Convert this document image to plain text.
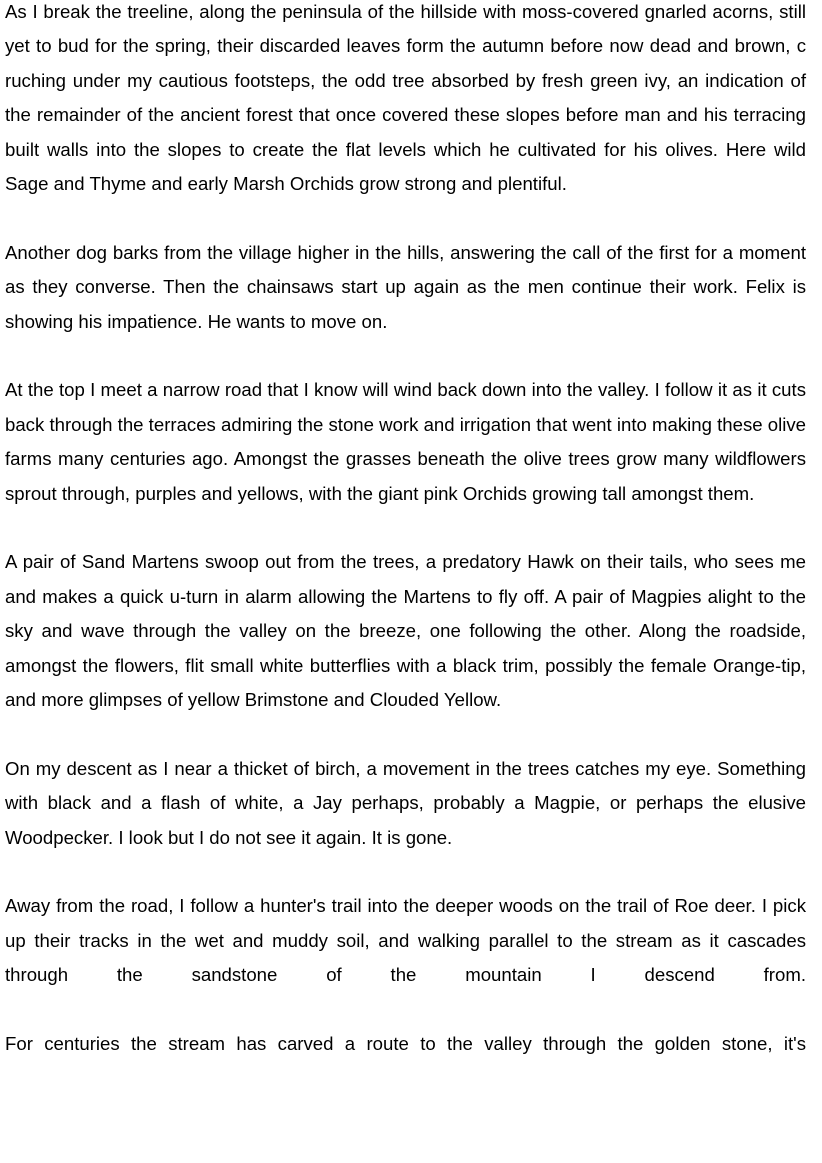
As I break the treeline, along the peninsula of the hillside with moss-covered gnarled acorns, still yet to bud for the spring, their discarded leaves form the autumn before now dead and brown, c ruching under my cautious footsteps, the odd tree absorbed by fresh green ivy, an indication of the remainder of the ancient forest that once covered these slopes before man and his terracing built walls into the slopes to create the flat levels which he cultivated for his olives. Here wild Sage and Thyme and early Marsh Orchids grow strong and plentiful.

Another dog barks from the village higher in the hills, answering the call of the first for a moment as they converse. Then the chainsaws start up again as the men continue their work. Felix is showing his impatience. He wants to move on.

At the top I meet a narrow road that I know will wind back down into the valley. I follow it as it cuts back through the terraces admiring the stone work and irrigation that went into making these olive farms many centuries ago. Amongst the grasses beneath the olive trees grow many wildflowers sprout through, purples and yellows, with the giant pink Orchids growing tall amongst them.

A pair of Sand Martens swoop out from the trees, a predatory Hawk on their tails, who sees me and makes a quick u-turn in alarm allowing the Martens to fly off. A pair of Magpies alight to the sky and wave through the valley on the breeze, one following the other. Along the roadside, amongst the flowers, flit small white butterflies with a black trim, possibly the female Orange-tip, and more glimpses of yellow Brimstone and Clouded Yellow.

On my descent as I near a thicket of birch, a movement in the trees catches my eye. Something with black and a flash of white, a Jay perhaps, probably a Magpie, or perhaps the elusive Woodpecker. I look but I do not see it again. It is gone.

Away from the road, I follow a hunter's trail into the deeper woods on the trail of Roe deer. I pick up their tracks in the wet and muddy soil, and walking parallel to the stream as it cascades through the sandstone of the mountain I descend from.

For centuries the stream has carved a route to the valley through the golden stone, it's
